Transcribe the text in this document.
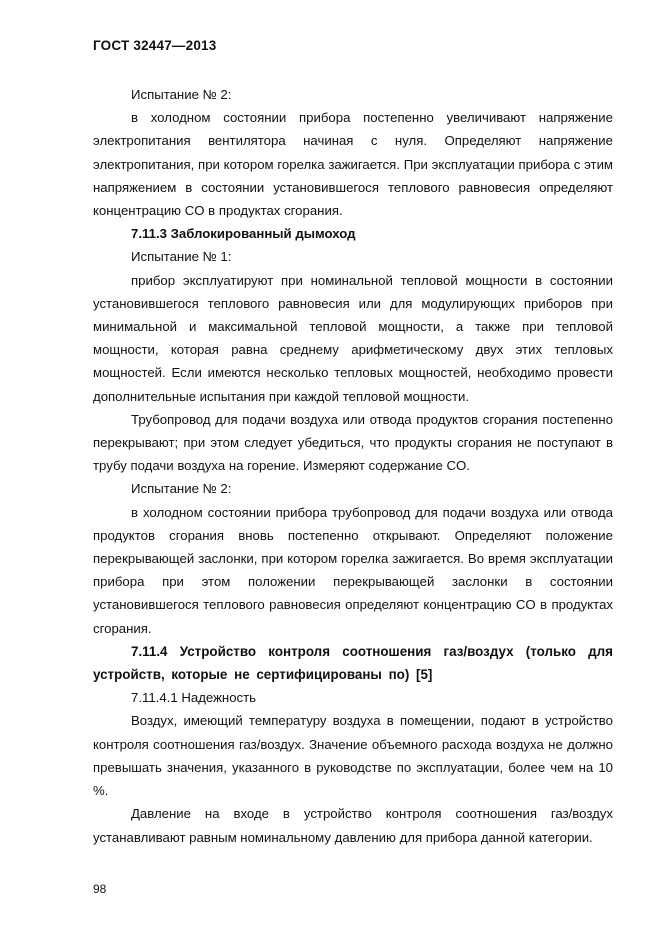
ГОСТ 32447—2013

Испытание № 2:

в холодном состоянии прибора постепенно увеличивают напряжение электропитания вентилятора начиная с нуля. Определяют напряжение электропитания, при котором горелка зажигается. При эксплуатации прибора с этим напряжением в состоянии установившегося теплового равновесия определяют концентрацию CO в продуктах сгорания.

7.11.3 Заблокированный дымоход

Испытание № 1:

прибор эксплуатируют при номинальной тепловой мощности в состоянии установившегося теплового равновесия или для модулирующих приборов при минимальной и максимальной тепловой мощности, а также при тепловой мощности, которая равна среднему арифметическому двух этих тепловых мощностей. Если имеются несколько тепловых мощностей, необходимо провести дополнительные испытания при каждой тепловой мощности.

Трубопровод для подачи воздуха или отвода продуктов сгорания постепенно перекрывают; при этом следует убедиться, что продукты сгорания не поступают в трубу подачи воздуха на горение. Измеряют содержание CO.

Испытание № 2:

в холодном состоянии прибора трубопровод для подачи воздуха или отвода продуктов сгорания вновь постепенно открывают. Определяют положение перекрывающей заслонки, при котором горелка зажигается. Во время эксплуатации прибора при этом положении перекрывающей заслонки в состоянии установившегося теплового равновесия определяют концентрацию CO в продуктах сгорания.

7.11.4 Устройство контроля соотношения газ/воздух (только для устройств, которые не сертифицированы по) [5]

7.11.4.1 Надежность

Воздух, имеющий температуру воздуха в помещении, подают в устройство контроля соотношения газ/воздух. Значение объемного расхода воздуха не должно превышать значения, указанного в руководстве по эксплуатации, более чем на 10 %.

Давление на входе в устройство контроля соотношения газ/воздух устанавливают равным номинальному давлению для прибора данной категории.

98
